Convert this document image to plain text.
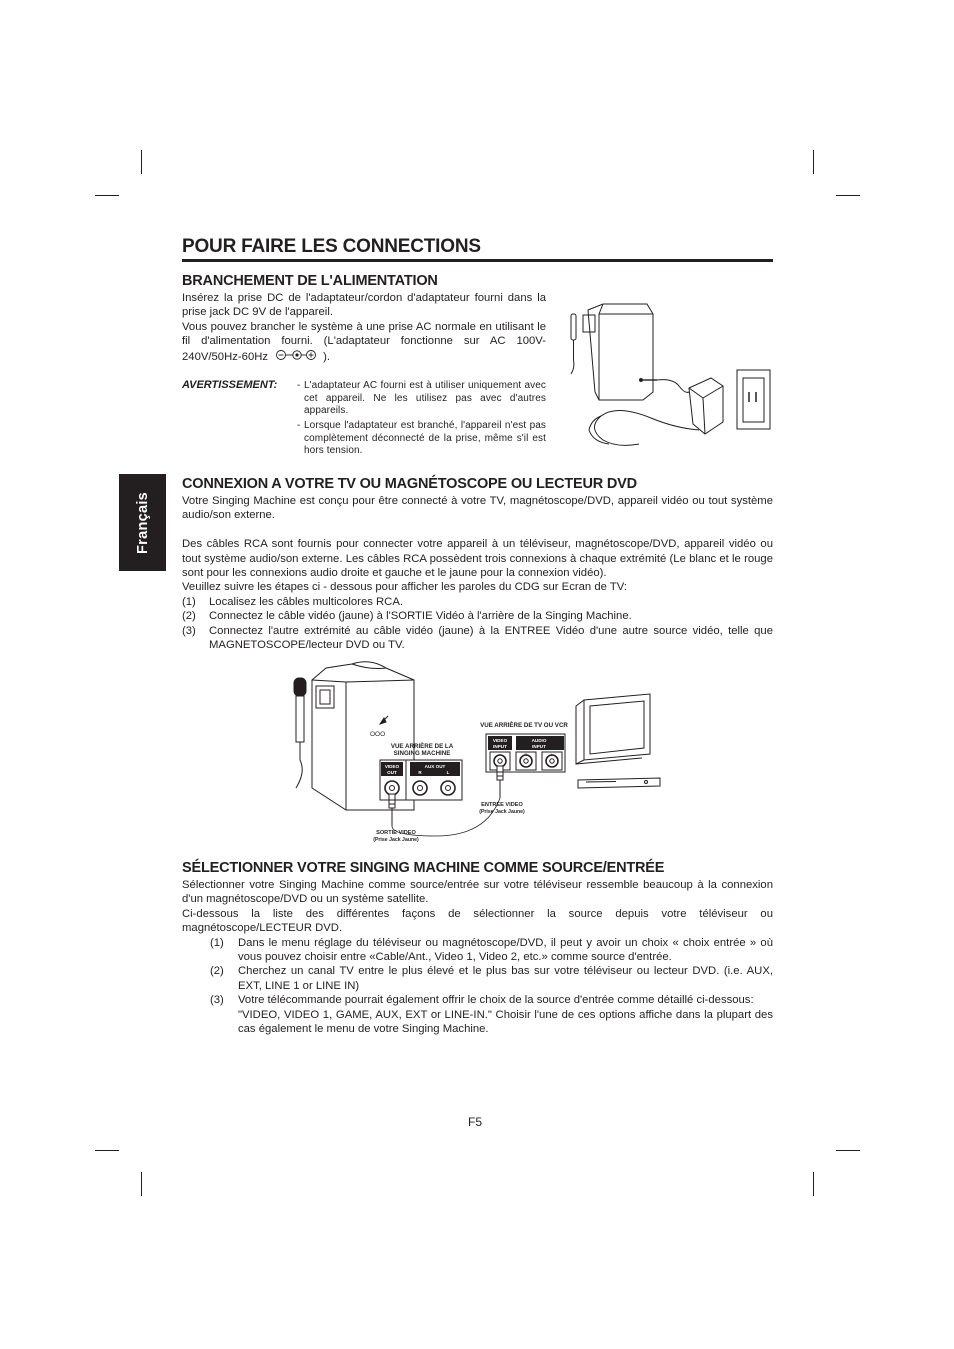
POUR FAIRE LES CONNECTIONS
Français
BRANCHEMENT DE L'ALIMENTATION

Insérez la prise DC de l'adaptateur/cordon d'adaptateur fourni dans la prise jack DC 9V de l'appareil.

Vous pouvez brancher le système à une prise AC normale en utilisant le fil d'alimentation fourni. (L'adaptateur fonctionne sur AC 100V-240V/50Hz-60Hz	).

AVERTISSEMENT: - L'adaptateur AC fourni est à utiliser uniquement avec cet appareil. Ne les utilisez pas avec d'autres appareils.
- Lorsque l'adaptateur est branché, l'appareil n'est pas complètement déconnecté de la prise, même s'il est hors tension.
CONNEXION A VOTRE TV OU MAGNÉTOSCOPE OU LECTEUR DVD

Votre Singing Machine est conçu pour être connecté à votre TV, magnétoscope/DVD, appareil vidéo ou tout système audio/son externe.

Des câbles RCA sont fournis pour connecter votre appareil à un téléviseur, magnétoscope/DVD, appareil vidéo ou tout système audio/son externe. Les câbles RCA possèdent trois connexions à chaque extrémité (Le blanc et le rouge sont pour les connexions audio droite et gauche et le jaune pour la connexion vidéo).

Veuillez suivre les étapes ci - dessous pour afficher les paroles du CDG sur Ecran de TV:

(1) Localisez les câbles multicolores RCA.
(2) Connectez le câble vidéo (jaune) à l'SORTIE Vidéo à l'arrière de la Singing Machine.
(3) Connectez l'autre extrémité au câble vidéo (jaune) à la ENTREE Vidéo d'une autre source vidéo, telle que MAGNETOSCOPE/lecteur DVD ou TV.
OOO
VUE ARRIÈRE DE LA
SINGING MACHINE
VIDEO
OUT
AUX OUT
R	L
SORTIE VIDEO
(Prise Jack Jaune)
VUE ARRIÈRE DE TV OU VCR
VIDEO
INPUT
AUDIO
INPUT
R	L
ENTREE VIDEO
(Prise Jack Jaune)
SÉLECTIONNER VOTRE SINGING MACHINE COMME SOURCE/ENTRÉE

Sélectionner votre Singing Machine comme source/entrée sur votre téléviseur ressemble beaucoup à la connexion d'un magnétoscope/DVD ou un système satellite.

Ci-dessous la liste des différentes façons de sélectionner la source depuis votre téléviseur ou magnétoscope/LECTEUR DVD.

(1) Dans le menu réglage du téléviseur ou magnétoscope/DVD, il peut y avoir un choix « choix entrée » où vous pouvez choisir entre «Cable/Ant., Video 1, Video 2, etc.» comme source d'entrée.
(2) Cherchez un canal TV entre le plus élevé et le plus bas sur votre téléviseur ou lecteur DVD. (i.e. AUX, EXT, LINE 1 or LINE IN)
(3) Votre télécommande pourrait également offrir le choix de la source d'entrée comme détaillé ci-dessous:

"VIDEO, VIDEO 1, GAME, AUX, EXT or LINE-IN." Choisir l'une de ces options affiche dans la plupart des cas également le menu de votre Singing Machine.

F5
